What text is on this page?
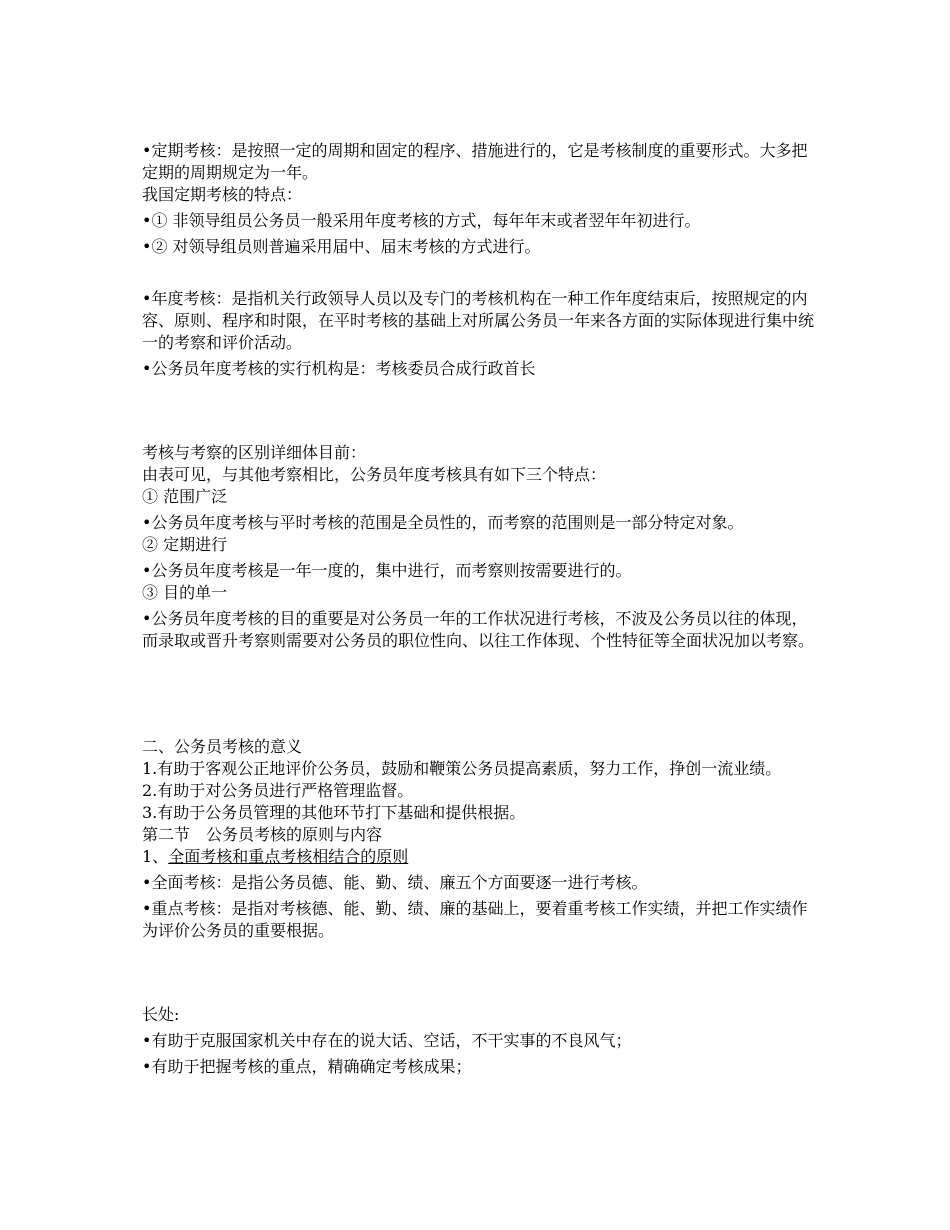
•定期考核：是按照一定的周期和固定的程序、措施进行的，它是考核制度的重要形式。大多把定期的周期规定为一年。

我国定期考核的特点：

•① 非领导组员公务员一般采用年度考核的方式，每年年末或者翌年年初进行。

•② 对领导组员则普遍采用届中、届末考核的方式进行。

•年度考核：是指机关行政领导人员以及专门的考核机构在一种工作年度结束后，按照规定的内容、原则、程序和时限，在平时考核的基础上对所属公务员一年来各方面的实际体现进行集中统一的考察和评价活动。

•公务员年度考核的实行机构是：考核委员合成行政首长

考核与考察的区别详细体目前：

由表可见，与其他考察相比，公务员年度考核具有如下三个特点：

① 范围广泛

•公务员年度考核与平时考核的范围是全员性的，而考察的范围则是一部分特定对象。

② 定期进行

•公务员年度考核是一年一度的，集中进行，而考察则按需要进行的。

③ 目的单一

•公务员年度考核的目的重要是对公务员一年的工作状况进行考核，不波及公务员以往的体现，而录取或晋升考察则需要对公务员的职位性向、以往工作体现、个性特征等全面状况加以考察。

二、公务员考核的意义

1.有助于客观公正地评价公务员，鼓励和鞭策公务员提高素质，努力工作，挣创一流业绩。

2.有助于对公务员进行严格管理监督。

3.有助于公务员管理的其他环节打下基础和提供根据。

第二节　公务员考核的原则与内容

1、全面考核和重点考核相结合的原则

•全面考核：是指公务员德、能、勤、绩、廉五个方面要逐一进行考核。

•重点考核：是指对考核德、能、勤、绩、廉的基础上，要着重考核工作实绩，并把工作实绩作为评价公务员的重要根据。

长处:

•有助于克服国家机关中存在的说大话、空话，不干实事的不良风气；

•有助于把握考核的重点，精确确定考核成果；
